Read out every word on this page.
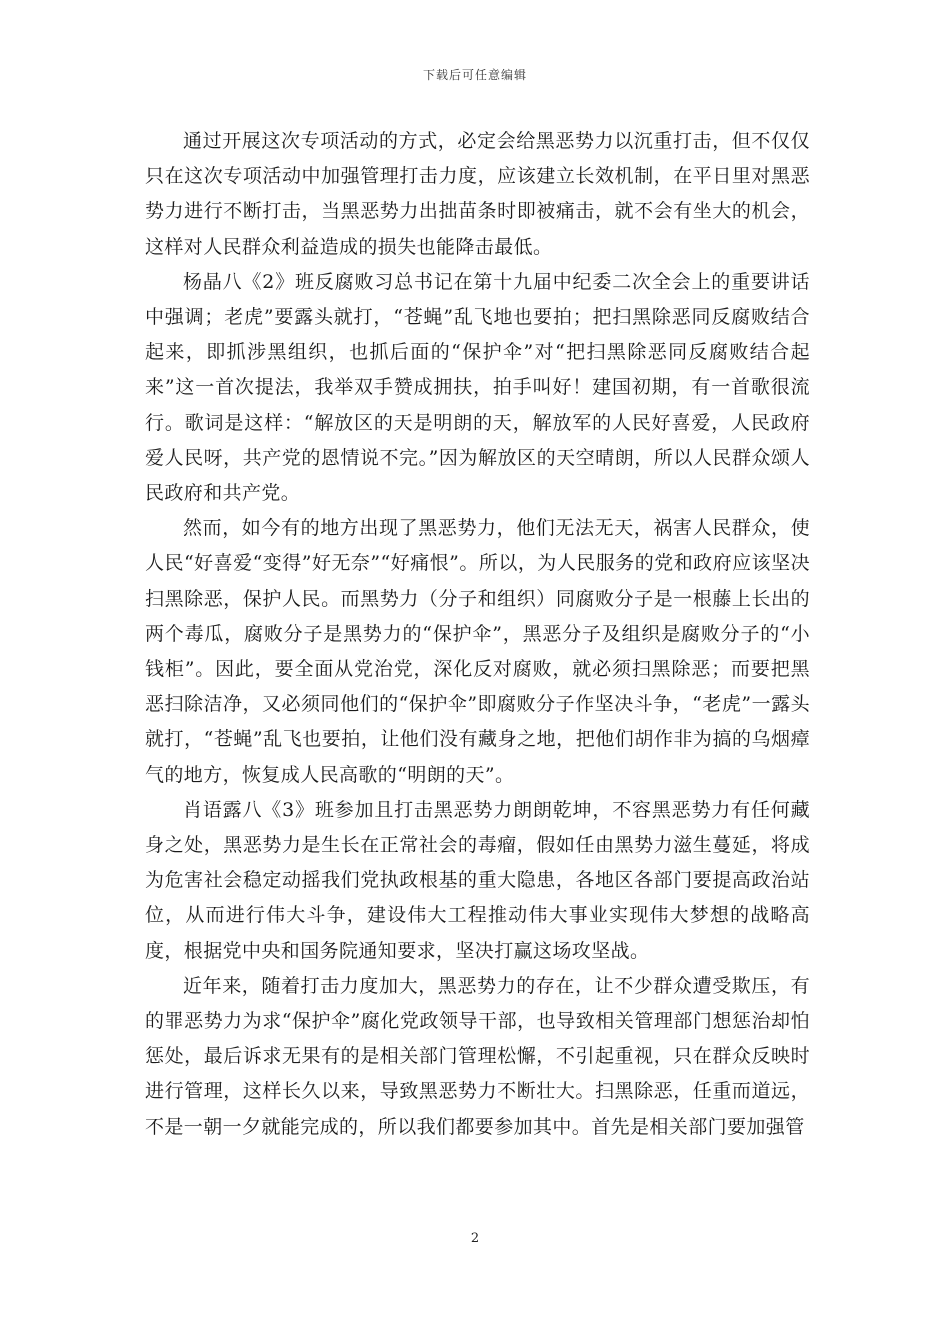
下载后可任意编辑

通过开展这次专项活动的方式，必定会给黑恶势力以沉重打击，但不仅仅只在这次专项活动中加强管理打击力度，应该建立长效机制，在平日里对黑恶势力进行不断打击，当黑恶势力出拙苗条时即被痛击，就不会有坐大的机会，这样对人民群众利益造成的损失也能降击最低。

杨晶八《2》班反腐败习总书记在第十九届中纪委二次全会上的重要讲话中强调；老虎”要露头就打，“苍蝇”乱飞地也要拍；把扫黑除恶同反腐败结合起来，即抓涉黑组织，也抓后面的“保护伞”对“把扫黑除恶同反腐败结合起来”这一首次提法，我举双手赞成拥扶，拍手叫好！建国初期，有一首歌很流行。歌词是这样：“解放区的天是明朗的天，解放军的人民好喜爱，人民政府爱人民呀，共产党的恩情说不完。”因为解放区的天空晴朗，所以人民群众颂人民政府和共产党。

然而，如今有的地方出现了黑恶势力，他们无法无天，祸害人民群众，使人民“好喜爱“变得”好无奈”“好痛恨”。所以，为人民服务的党和政府应该坚决扫黑除恶，保护人民。而黑势力（分子和组织）同腐败分子是一根藤上长出的两个毒瓜，腐败分子是黑势力的“保护伞”，黑恶分子及组织是腐败分子的“小钱柜”。因此，要全面从党治党，深化反对腐败，就必须扫黑除恶；而要把黑恶扫除洁净，又必须同他们的“保护伞”即腐败分子作坚决斗争，“老虎”一露头就打，“苍蝇”乱飞也要拍，让他们没有藏身之地，把他们胡作非为搞的乌烟瘴气的地方，恢复成人民高歌的“明朗的天”。

肖语露八《3》班参加且打击黑恶势力朗朗乾坤，不容黑恶势力有任何藏身之处，黑恶势力是生长在正常社会的毒瘤，假如任由黑势力滋生蔓延，将成为危害社会稳定动摇我们党执政根基的重大隐患，各地区各部门要提高政治站位，从而进行伟大斗争，建设伟大工程推动伟大事业实现伟大梦想的战略高度，根据党中央和国务院通知要求，坚决打赢这场攻坚战。

近年来，随着打击力度加大，黑恶势力的存在，让不少群众遭受欺压，有的罪恶势力为求“保护伞”腐化党政领导干部，也导致相关管理部门想惩治却怕惩处，最后诉求无果有的是相关部门管理松懈，不引起重视，只在群众反映时进行管理，这样长久以来，导致黑恶势力不断壮大。扫黑除恶，任重而道远，不是一朝一夕就能完成的，所以我们都要参加其中。首先是相关部门要加强管

2
